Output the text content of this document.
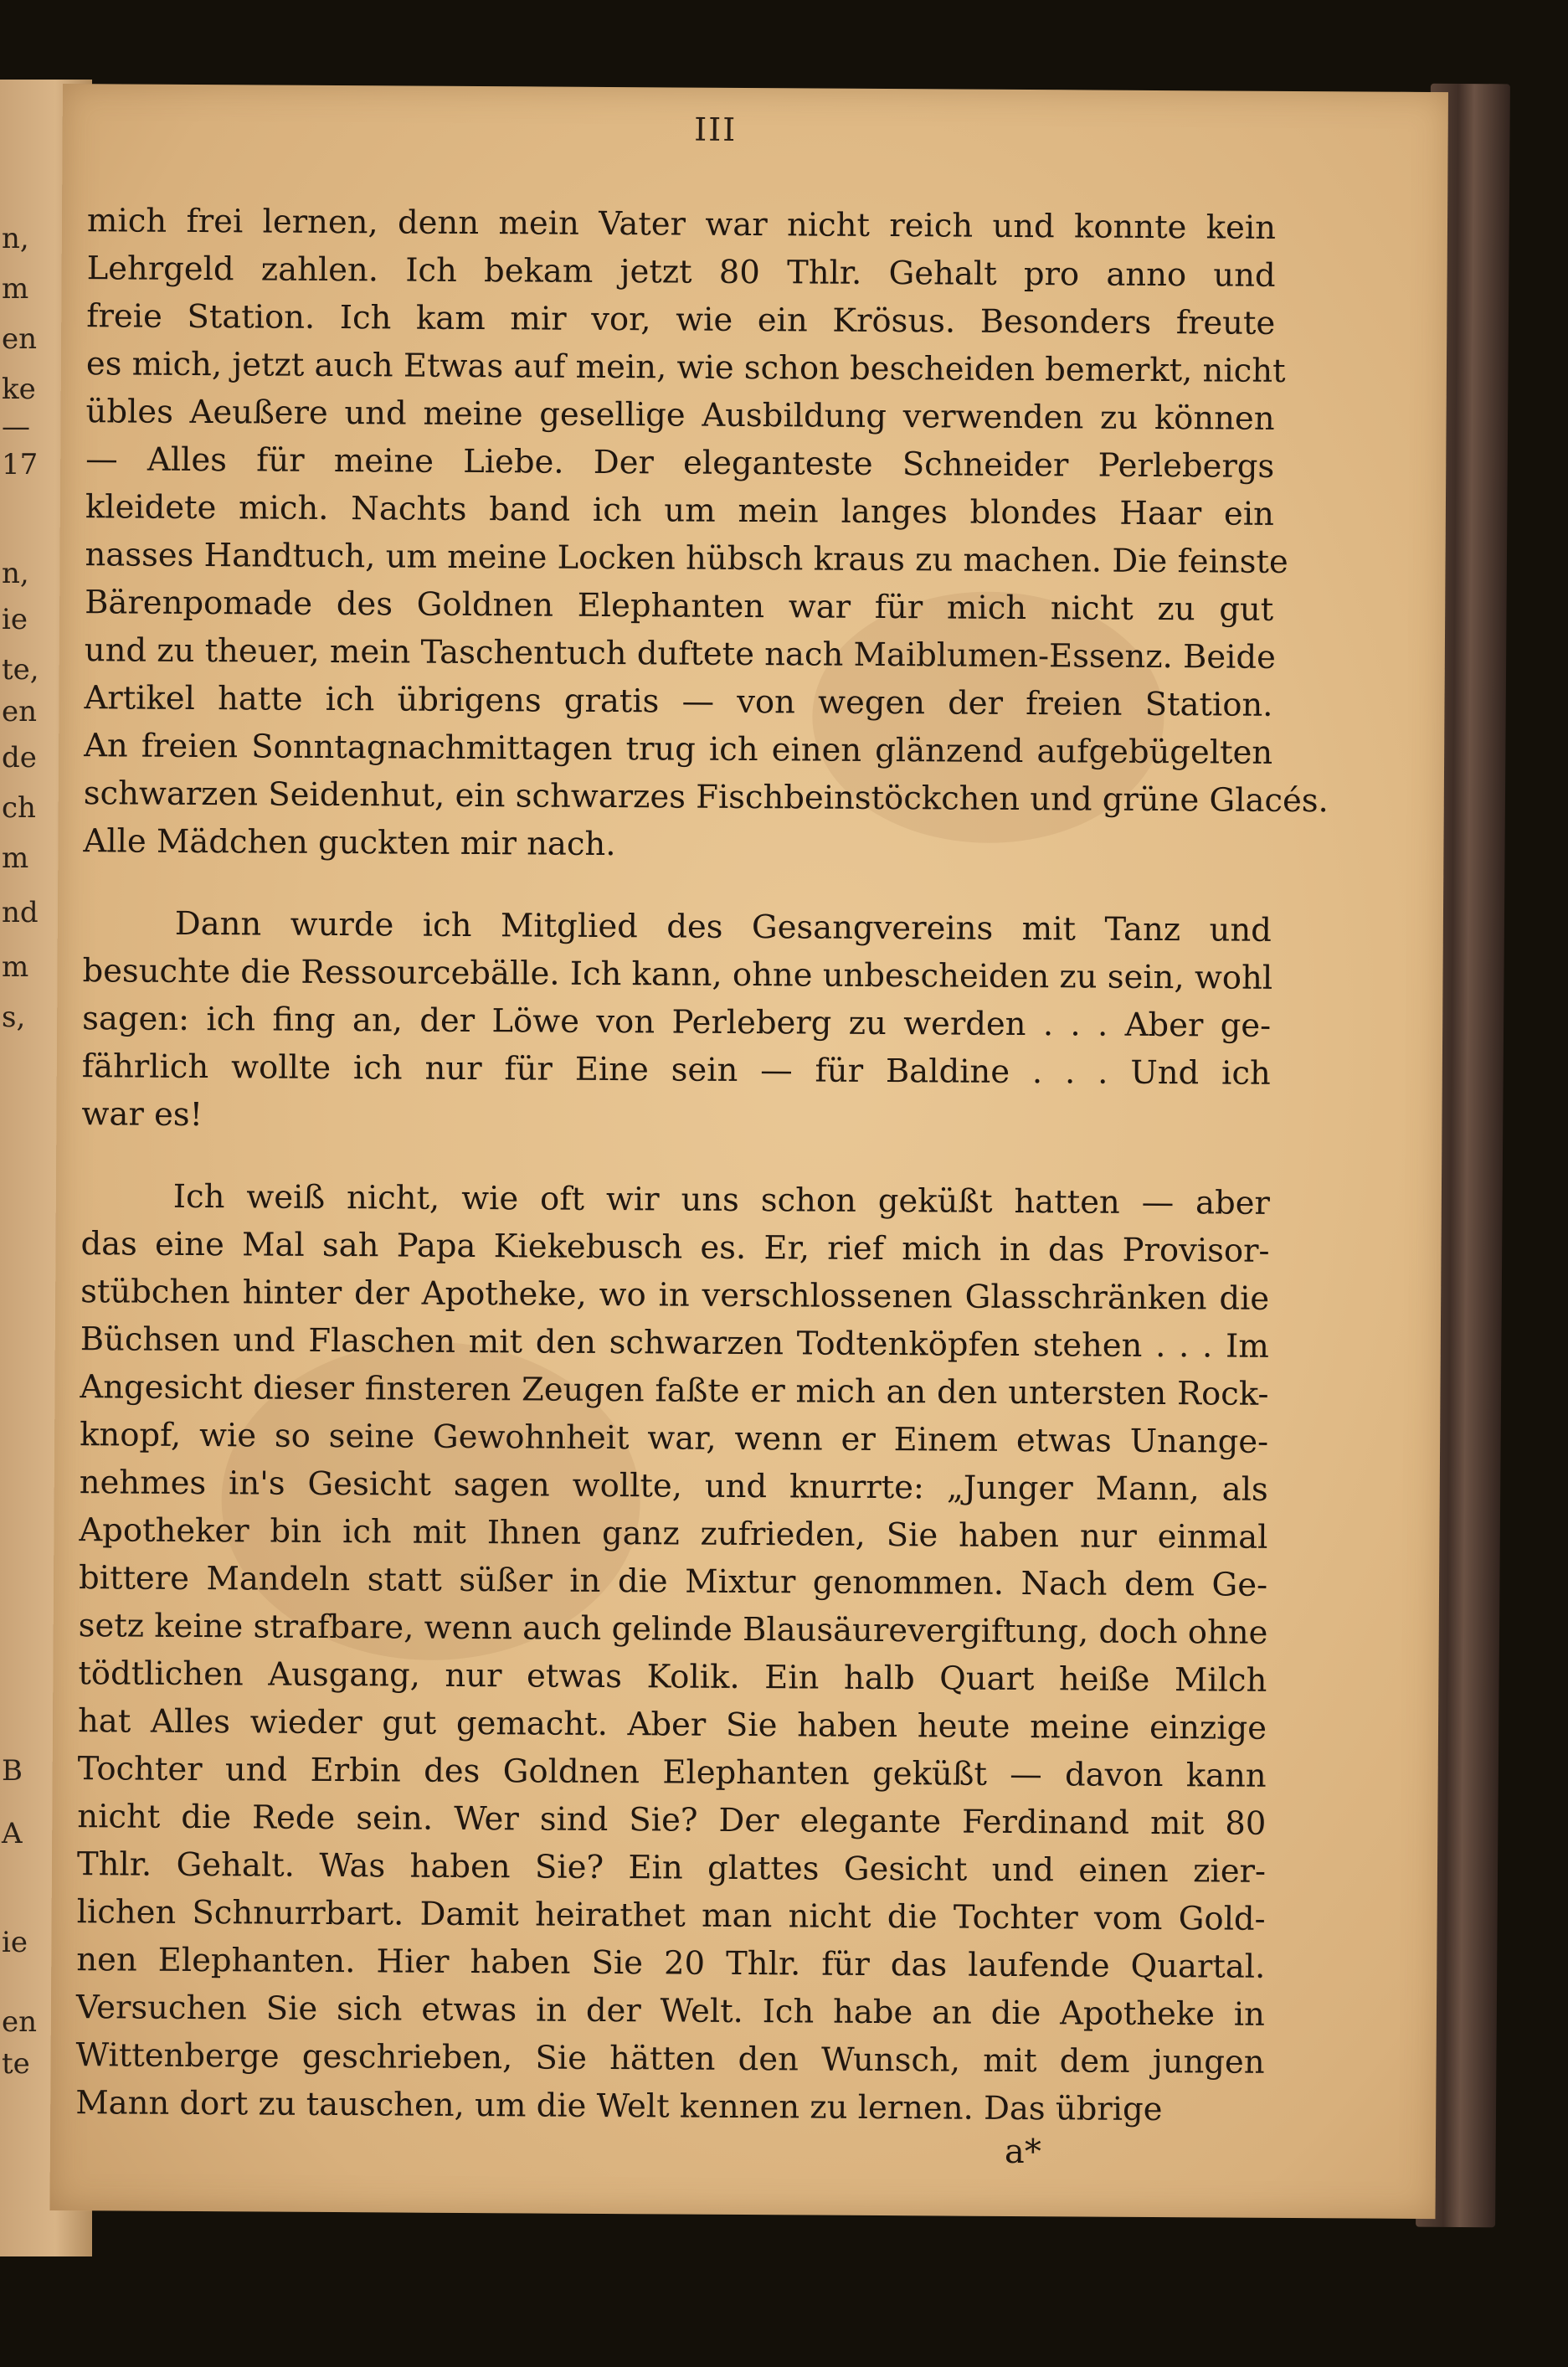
n,
m
en
ke
—
17
n,
ie
te,
en
de
ch
m
nd
m
s,
B
A
ie
en
te
III
mich frei lernen, denn mein Vater war nicht reich und konnte kein
Lehrgeld zahlen. Ich bekam jetzt 80 Thlr. Gehalt pro anno und
freie Station. Ich kam mir vor, wie ein Krösus. Besonders freute
es mich, jetzt auch Etwas auf mein, wie schon bescheiden bemerkt, nicht
übles Aeußere und meine gesellige Ausbildung verwenden zu können
— Alles für meine Liebe. Der eleganteste Schneider Perlebergs
kleidete mich. Nachts band ich um mein langes blondes Haar ein
nasses Handtuch, um meine Locken hübsch kraus zu machen. Die feinste
Bärenpomade des Goldnen Elephanten war für mich nicht zu gut
und zu theuer, mein Taschentuch duftete nach Maiblumen-Essenz. Beide
Artikel hatte ich übrigens gratis — von wegen der freien Station.
An freien Sonntagnachmittagen trug ich einen glänzend aufgebügelten
schwarzen Seidenhut, ein schwarzes Fischbeinstöckchen und grüne Glacés.
Alle Mädchen guckten mir nach.
Dann wurde ich Mitglied des Gesangvereins mit Tanz und
besuchte die Ressourcebälle. Ich kann, ohne unbescheiden zu sein, wohl
sagen: ich fing an, der Löwe von Perleberg zu werden . . . Aber ge-
fährlich wollte ich nur für Eine sein — für Baldine . . . Und ich
war es!
Ich weiß nicht, wie oft wir uns schon geküßt hatten — aber
das eine Mal sah Papa Kiekebusch es. Er, rief mich in das Provisor-
stübchen hinter der Apotheke, wo in verschlossenen Glasschränken die
Büchsen und Flaschen mit den schwarzen Todtenköpfen stehen . . . Im
Angesicht dieser finsteren Zeugen faßte er mich an den untersten Rock-
knopf, wie so seine Gewohnheit war, wenn er Einem etwas Unange-
nehmes in's Gesicht sagen wollte, und knurrte: „Junger Mann, als
Apotheker bin ich mit Ihnen ganz zufrieden, Sie haben nur einmal
bittere Mandeln statt süßer in die Mixtur genommen. Nach dem Ge-
setz keine strafbare, wenn auch gelinde Blausäurevergiftung, doch ohne
tödtlichen Ausgang, nur etwas Kolik. Ein halb Quart heiße Milch
hat Alles wieder gut gemacht. Aber Sie haben heute meine einzige
Tochter und Erbin des Goldnen Elephanten geküßt — davon kann
nicht die Rede sein. Wer sind Sie? Der elegante Ferdinand mit 80
Thlr. Gehalt. Was haben Sie? Ein glattes Gesicht und einen zier-
lichen Schnurrbart. Damit heirathet man nicht die Tochter vom Gold-
nen Elephanten. Hier haben Sie 20 Thlr. für das laufende Quartal.
Versuchen Sie sich etwas in der Welt. Ich habe an die Apotheke in
Wittenberge geschrieben, Sie hätten den Wunsch, mit dem jungen
Mann dort zu tauschen, um die Welt kennen zu lernen. Das übrige
a*
